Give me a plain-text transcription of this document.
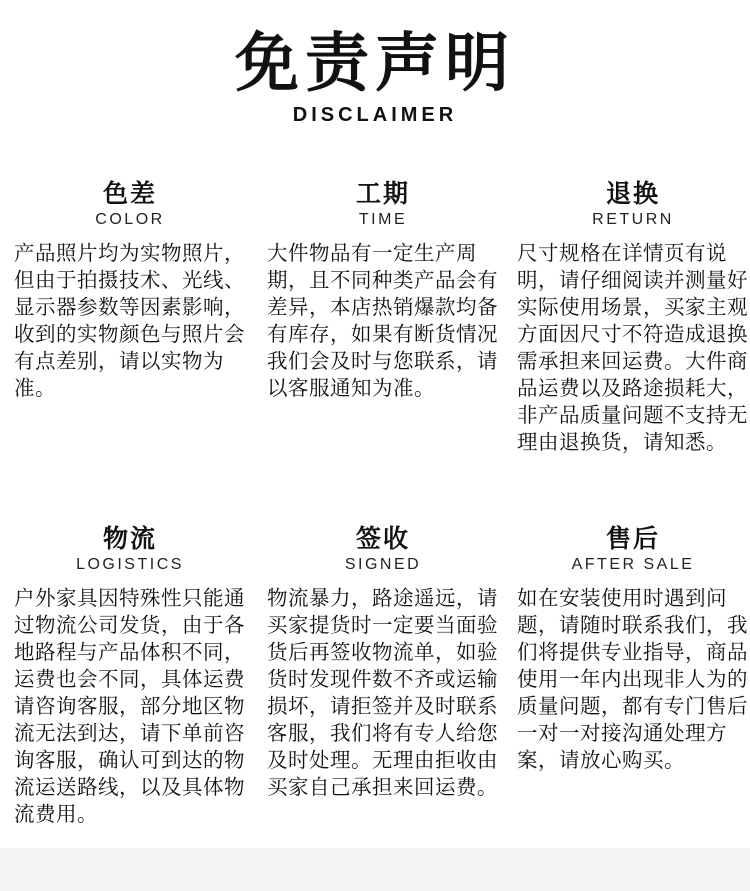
免责声明
DISCLAIMER
色差
COLOR
产品照片均为实物照片，但由于拍摄技术、光线、显示器参数等因素影响，收到的实物颜色与照片会有点差别，请以实物为准。
工期
TIME
大件物品有一定生产周期，且不同种类产品会有差异，本店热销爆款均备有库存，如果有断货情况我们会及时与您联系，请以客服通知为准。
退换
RETURN
尺寸规格在详情页有说明，请仔细阅读并测量好实际使用场景，买家主观方面因尺寸不符造成退换需承担来回运费。大件商品运费以及路途损耗大，非产品质量问题不支持无理由退换货，请知悉。
物流
LOGISTICS
户外家具因特殊性只能通过物流公司发货，由于各地路程与产品体积不同，运费也会不同，具体运费请咨询客服，部分地区物流无法到达，请下单前咨询客服，确认可到达的物流运送路线，以及具体物流费用。
签收
SIGNED
物流暴力，路途遥远，请买家提货时一定要当面验货后再签收物流单，如验货时发现件数不齐或运输损坏，请拒签并及时联系客服，我们将有专人给您及时处理。无理由拒收由买家自己承担来回运费。
售后
AFTER SALE
如在安装使用时遇到问题，请随时联系我们，我们将提供专业指导，商品使用一年内出现非人为的质量问题，都有专门售后一对一对接沟通处理方案，请放心购买。
